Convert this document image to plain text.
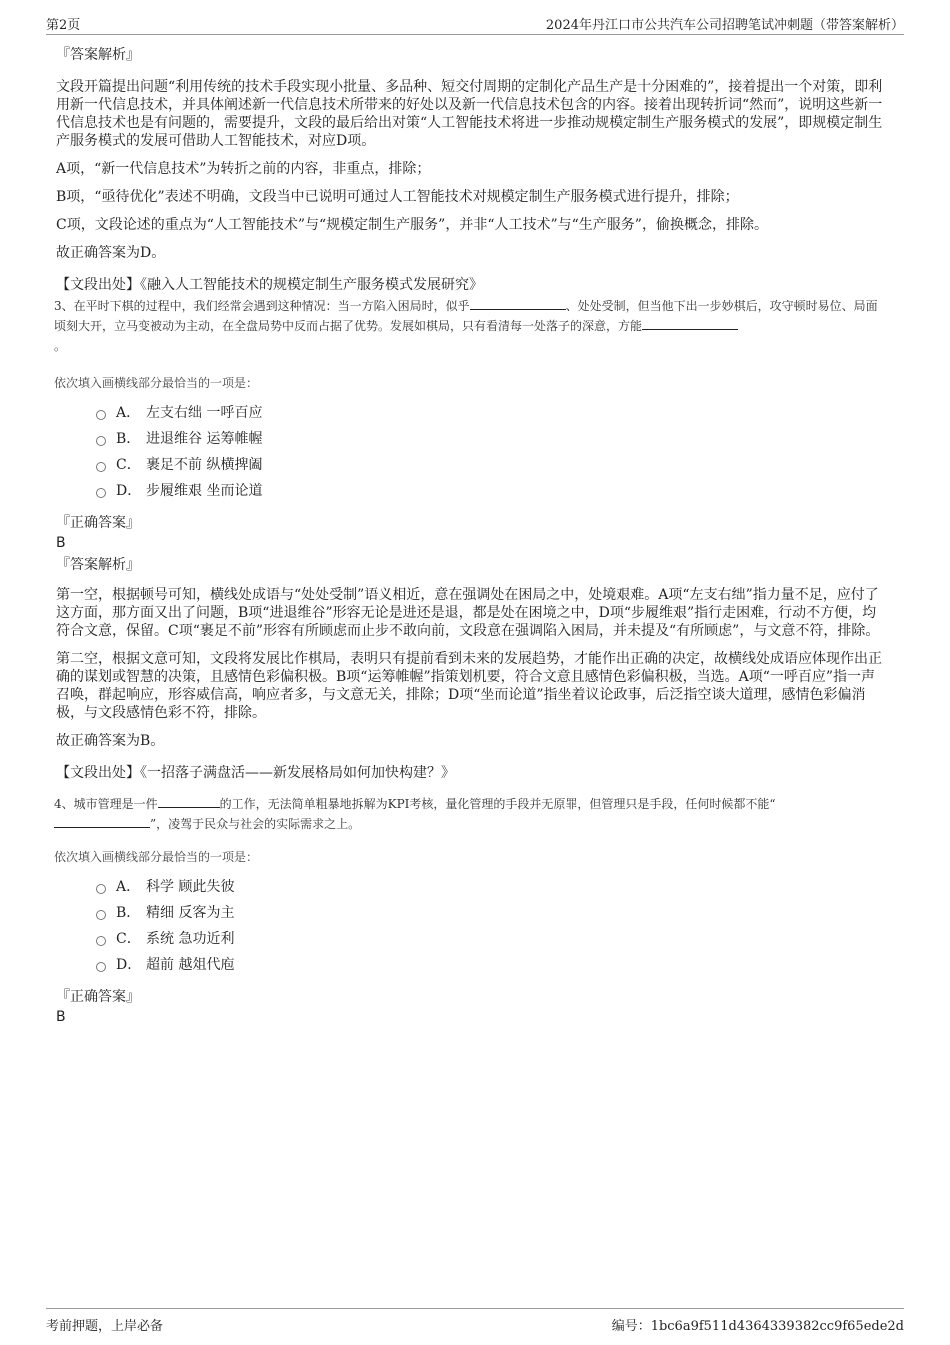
第2页	2024年丹江口市公共汽车公司招聘笔试冲刺题（带答案解析）
『答案解析』
文段开篇提出问题“利用传统的技术手段实现小批量、多品种、短交付周期的定制化产品生产是十分困难的”，接着提出一个对策，即利用新一代信息技术，并具体阐述新一代信息技术所带来的好处以及新一代信息技术包含的内容。接着出现转折词“然而”，说明这些新一代信息技术也是有问题的，需要提升，文段的最后给出对策“人工智能技术将进一步推动规模定制生产服务模式的发展”，即规模定制生产服务模式的发展可借助人工智能技术，对应D项。
A项，“新一代信息技术”为转折之前的内容，非重点，排除；
B项，“亟待优化”表述不明确，文段当中已说明可通过人工智能技术对规模定制生产服务模式进行提升，排除；
C项，文段论述的重点为“人工智能技术”与“规模定制生产服务”，并非“人工技术”与“生产服务”，偷换概念，排除。
故正确答案为D。
【文段出处】《融入人工智能技术的规模定制生产服务模式发展研究》
3、在平时下棋的过程中，我们经常会遇到这种情况：当一方陷入困局时，似乎	、处处受制，但当他下出一步妙棋后，攻守顿时易位、局面顷刻大开，立马变被动为主动，在全盘局势中反而占据了优势。发展如棋局，只有看清每一处落子的深意，方能
。
依次填入画横线部分最恰当的一项是：
A． 左支右绌 一呼百应
B． 进退维谷 运筹帷幄
C． 裹足不前 纵横捭阖
D． 步履维艰 坐而论道
『正确答案』
B
『答案解析』
第一空，根据顿号可知，横线处成语与“处处受制”语义相近，意在强调处在困局之中，处境艰难。A项“左支右绌”指力量不足，应付了这方面，那方面又出了问题，B项“进退维谷”形容无论是进还是退，都是处在困境之中，D项“步履维艰”指行走困难，行动不方便，均符合文意，保留。C项“裹足不前”形容有所顾虑而止步不敢向前，文段意在强调陷入困局，并未提及“有所顾虑”，与文意不符，排除。
第二空，根据文意可知，文段将发展比作棋局，表明只有提前看到未来的发展趋势，才能作出正确的决定，故横线处成语应体现作出正确的谋划或智慧的决策，且感情色彩偏积极。B项“运筹帷幄”指策划机要，符合文意且感情色彩偏积极，当选。A项“一呼百应”指一声召唤，群起响应，形容威信高，响应者多，与文意无关，排除；D项“坐而论道”指坐着议论政事，后泛指空谈大道理，感情色彩偏消极，与文段感情色彩不符，排除。
故正确答案为B。
【文段出处】《一招落子满盘活——新发展格局如何加快构建？》
4、城市管理是一件	的工作，无法简单粗暴地拆解为KPI考核，量化管理的手段并无原罪，但管理只是手段，任何时候都不能“
”，凌驾于民众与社会的实际需求之上。
依次填入画横线部分最恰当的一项是：
A． 科学 顾此失彼
B． 精细 反客为主
C． 系统 急功近利
D． 超前 越俎代庖
『正确答案』
B
考前押题，上岸必备	编号：1bc6a9f511d4364339382cc9f65ede2d
